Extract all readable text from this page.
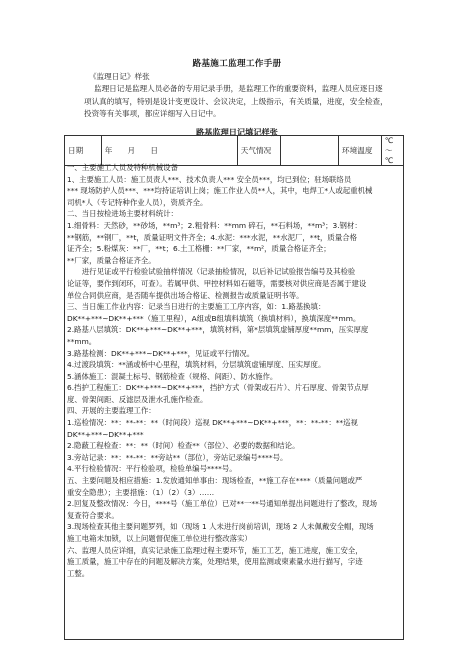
路基施工监理工作手册
《监理日记》样张
监理日记是监理人员必备的专用记录手册，是监理工作的重要资料，监理人员应逐日逐
项认真的填写，特别是设计变更设计、会议决定，上级指示，有关质量，进度，安全检查，
投资等有关事项，都应详细写入日记中。
路基监理日记填记样张
日期	年　　月　　日	天气情况		环境温度	℃～　℃
一、主要施工人员及特种机械设备
1、主要施工人员：施工员责人***、技术负责人*** 安全员***，均已到位；驻场联络员
*** 现场防护人员***、***均持证培训上岗；施工作业人员**人，其中，电焊工*人或起重机械
司机*人（专记特种作业人员），资质齐全。
二、当日按检进场主要材料统计：
1.细骨料：天然砂，**砂场，**m³；2.粗骨料：**mm 碎石，**石料场，**m³；3.钢材：
**钢筋，**钢厂，**t，质量证明文件齐全；4.水泥：***水泥，**水泥厂，**t，质量合格
证齐全；5.粉煤灰：**厂，**t；6.土工格栅：**厂家，**m²，质量合格证齐全；
**厂家，质量合格证齐全。
　　进行见证或平行检验试验抽样情况（记录抽检情况，以后补记试验报告编号及其检验
论证等，要作到闭环，可查）。若属甲供、甲控材料如石磁等，需要核对供应商是否属于建设
单位合同供应商，是否随车提供出场合格证、检测报告或质量证明书等。
三、当日施工作业内容：记录当日进行的主要施工工序内容，如：1.路基换填：
DK**+***~DK**+***（施工里程），A组或B组填料填筑（换填材料），换填深度**mm。
2.路基八层填筑：DK**+***~DK**+***，填筑材料，第*层填筑虚铺厚度**mm，压实厚度
**mm。
3.路基检测：DK**+***~DK**+***，见证或平行情况。
4.过渡段填筑：**涵或桥中心里程，填筑材料，分层填筑虚铺厚度、压实厚度。
5.涵体施工：混凝土标号、钢筋检查（规格、间距）、防水施作。
6.挡护工程施工：DK**+***~DK**+***，挡护方式（骨架或石片）、片石厚度、骨架节点厚
度、骨架间距、反滤层及泄水孔施作检查。
四、开展的主要监理工作：
1.巡检情况：**：**-**：**（时间段）巡视 DK**+***~DK**+***，**：**-**：**巡视
DK**+***~DK**+***
2.隐蔽工程检查：**：**（时间）检查**（部位）、必要的数据和结论。
3.旁站记录：**：**-**：**旁站**（部位），旁站记录编号****号。
4.平行检验情况：平行检验项，检验单编号****号。
五、主要问题及相应措施：1.发放通知单事由：现场检查，**施工存在****（质量问题或严
重安全隐患）；主要措施：（1）（2）（3）……
2.回复及整改情况：今日，****号（施工单位）已对**一**号通知单提出问题进行了整改，现场
复查符合要求。
3.现场检查其他主要问题罗列，如（现场 1 人未进行岗前培训，现场 2 人未佩戴安全帽，现场
施工电箱未加锁，以上问题督促施工单位进行整改落实）
六、监理人员应详细，真实记录施工监理过程主要环节，施工工艺，施工进度，施工安全，
施工质量，施工中存在的问题及解决方案，处理结果，使用监测或柬素量水进行描写，字迹
工整。
